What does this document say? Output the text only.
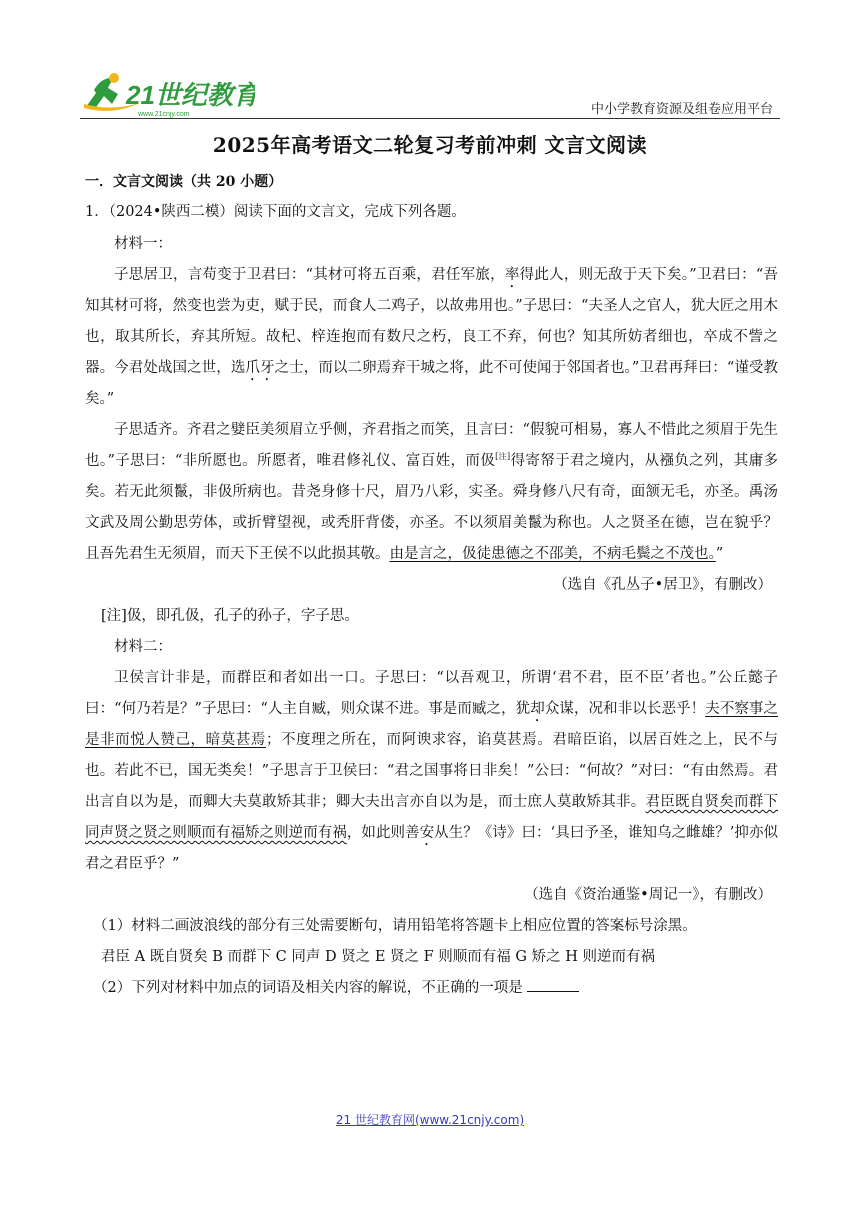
21世纪教育
www.21cnjy.com	中小学教育资源及组卷应用平台
2025年高考语文二轮复习考前冲刺 文言文阅读

一．文言文阅读（共 20 小题）

1．（2024•陕西二模）阅读下面的文言文，完成下列各题。

材料一：

子思居卫，言苟变于卫君曰：“其材可将五百乘，君任军旅，率得此人，则无敌于天下矣。”卫君曰：“吾知其材可将，然变也尝为吏，赋于民，而食人二鸡子，以故弗用也。”子思曰：“夫圣人之官人，犹大匠之用木也，取其所长，弃其所短。故杞、梓连抱而有数尺之朽，良工不弃，何也？知其所妨者细也，卒成不訾之器。今君处战国之世，选爪牙之士，而以二卵焉弃干城之将，此不可使闻于邻国者也。”卫君再拜曰：“谨受教矣。”

子思适齐。齐君之嬖臣美须眉立乎侧，齐君指之而笑，且言曰：“假貌可相易，寡人不惜此之须眉于先生也。”子思曰：“非所愿也。所愿者，唯君修礼仪、富百姓，而伋[注]得寄帑于君之境内，从襁负之列，其庸多矣。若无此须鬣，非伋所病也。昔尧身修十尺，眉乃八彩，实圣。舜身修八尺有奇，面颔无毛，亦圣。禹汤文武及周公勤思劳体，或折臂望视，或秃肝背偻，亦圣。不以须眉美鬣为称也。人之贤圣在德，岂在貌乎？且吾先君生无须眉，而天下王侯不以此损其敬。由是言之，伋徒患德之不邵美，不病毛鬓之不茂也。”

（选自《孔丛子•居卫》，有删改）

[注]伋，即孔伋，孔子的孙子，字子思。

材料二：

卫侯言计非是，而群臣和者如出一口。子思曰：“以吾观卫，所谓‘君不君，臣不臣’者也。”公丘懿子曰：“何乃若是？”子思曰：“人主自臧，则众谋不进。事是而臧之，犹却众谋，况和非以长恶乎！夫不察事之是非而悦人赞己，暗莫甚焉；不度理之所在，而阿谀求容，谄莫甚焉。君暗臣谄，以居百姓之上，民不与也。若此不已，国无类矣！”子思言于卫侯曰：“君之国事将日非矣！”公曰：“何故？”对曰：“有由然焉。君出言自以为是，而卿大夫莫敢矫其非；卿大夫出言亦自以为是，而士庶人莫敢矫其非。君臣既自贤矣而群下同声贤之贤之则顺而有福矫之则逆而有祸，如此则善安从生？《诗》曰：‘具曰予圣，谁知乌之雌雄？’抑亦似君之君臣乎？”

（选自《资治通鉴•周记一》，有删改）

（1）材料二画波浪线的部分有三处需要断句，请用铅笔将答题卡上相应位置的答案标号涂黑。

君臣 A 既自贤矣 B 而群下 C 同声 D 贤之 E 贤之 F 则顺而有福 G 矫之 H 则逆而有祸

（2）下列对材料中加点的词语及相关内容的解说，不正确的一项是

21 世纪教育网(www.21cnjy.com)
